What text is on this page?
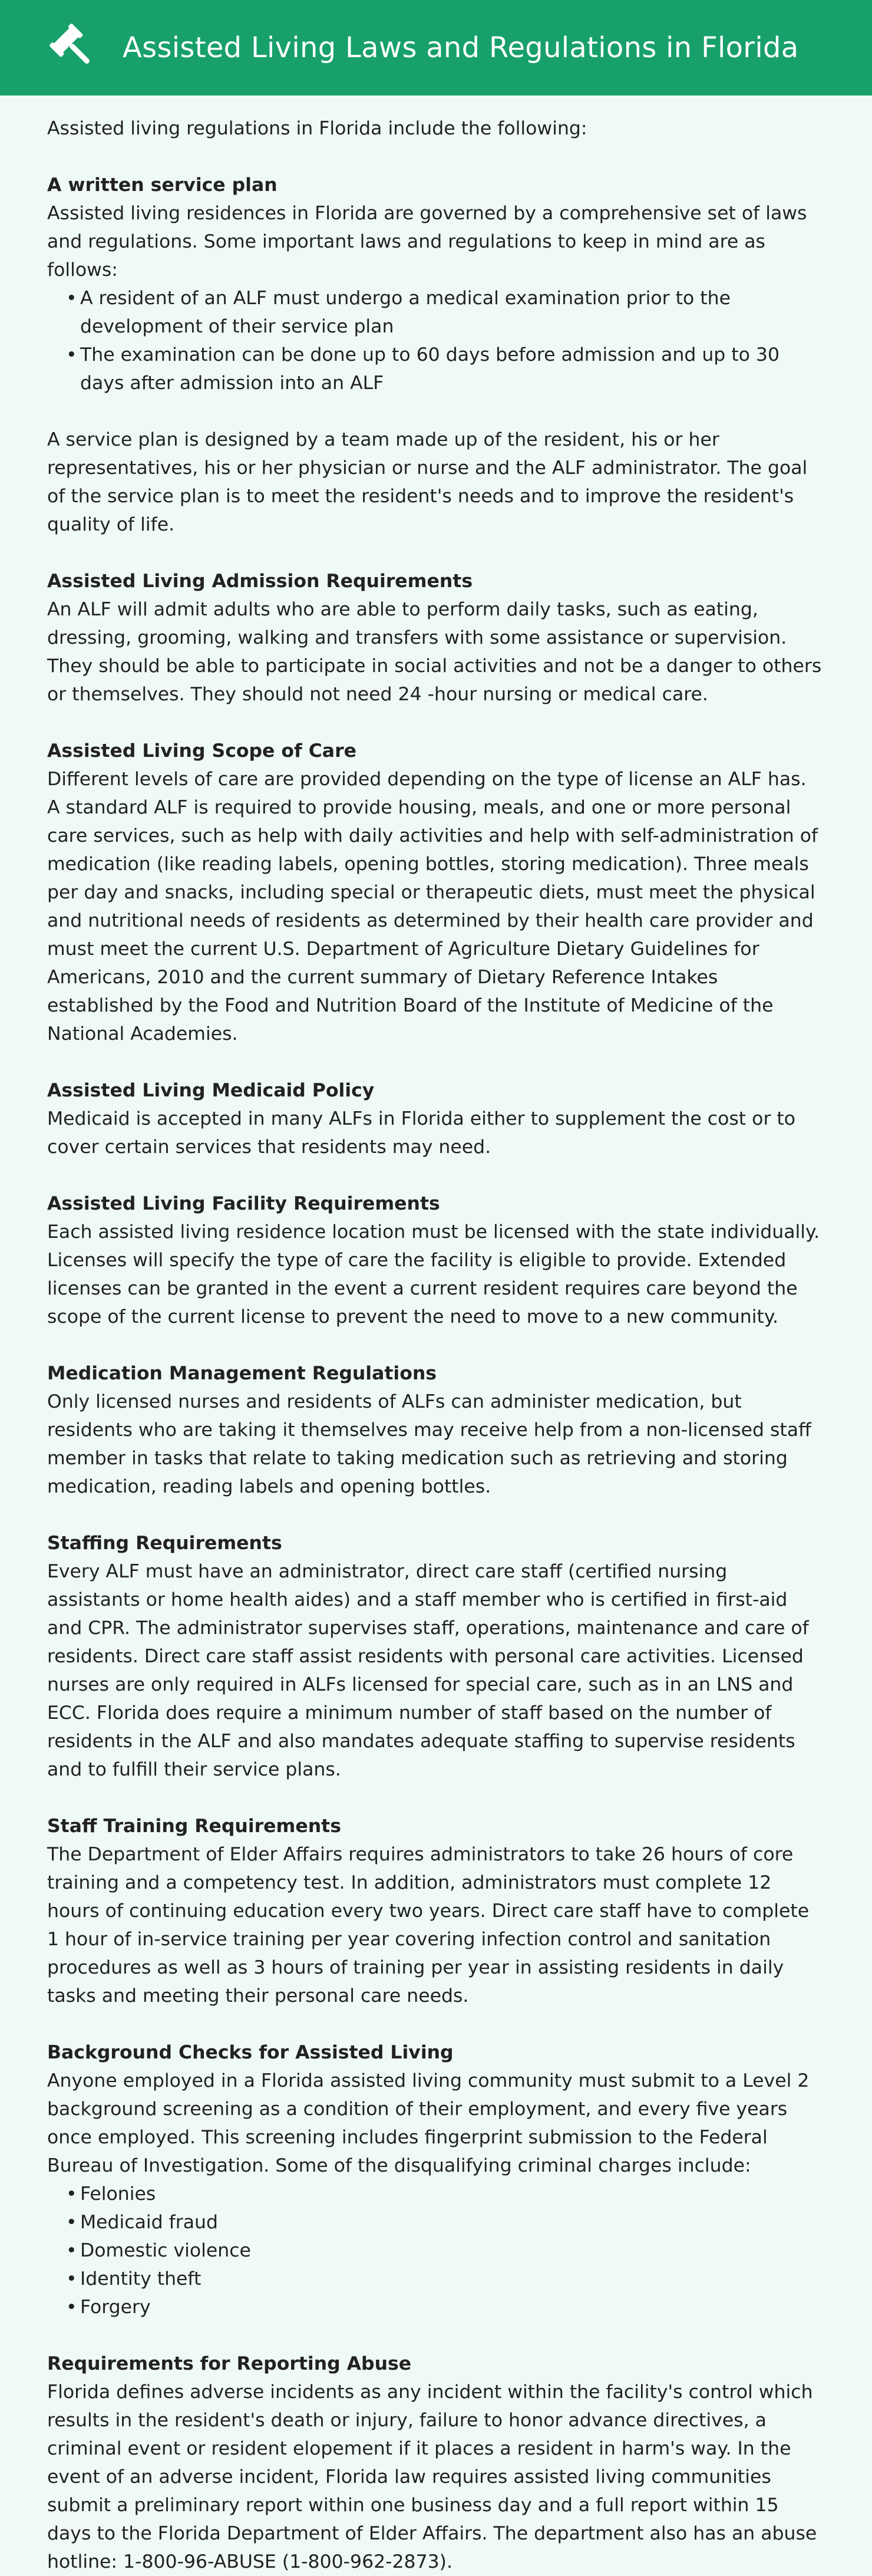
Assisted Living Laws and Regulations in Florida

Assisted living regulations in Florida include the following:

A written service plan

Assisted living residences in Florida are governed by a comprehensive set of laws and regulations. Some important laws and regulations to keep in mind are as follows:

• A resident of an ALF must undergo a medical examination prior to the development of their service plan
• The examination can be done up to 60 days before admission and up to 30 days after admission into an ALF

A service plan is designed by a team made up of the resident, his or her representatives, his or her physician or nurse and the ALF administrator. The goal of the service plan is to meet the resident's needs and to improve the resident's quality of life.

Assisted Living Admission Requirements

An ALF will admit adults who are able to perform daily tasks, such as eating, dressing, grooming, walking and transfers with some assistance or supervision. They should be able to participate in social activities and not be a danger to others or themselves. They should not need 24 -hour nursing or medical care.

Assisted Living Scope of Care

Different levels of care are provided depending on the type of license an ALF has. A standard ALF is required to provide housing, meals, and one or more personal care services, such as help with daily activities and help with self-administration of medication (like reading labels, opening bottles, storing medication). Three meals per day and snacks, including special or therapeutic diets, must meet the physical and nutritional needs of residents as determined by their health care provider and must meet the current U.S. Department of Agriculture Dietary Guidelines for Americans, 2010 and the current summary of Dietary Reference Intakes established by the Food and Nutrition Board of the Institute of Medicine of the National Academies.

Assisted Living Medicaid Policy

Medicaid is accepted in many ALFs in Florida either to supplement the cost or to cover certain services that residents may need.

Assisted Living Facility Requirements

Each assisted living residence location must be licensed with the state individually. Licenses will specify the type of care the facility is eligible to provide. Extended licenses can be granted in the event a current resident requires care beyond the scope of the current license to prevent the need to move to a new community.

Medication Management Regulations

Only licensed nurses and residents of ALFs can administer medication, but residents who are taking it themselves may receive help from a non-licensed staff member in tasks that relate to taking medication such as retrieving and storing medication, reading labels and opening bottles.

Staffing Requirements

Every ALF must have an administrator, direct care staff (certified nursing assistants or home health aides) and a staff member who is certified in first-aid and CPR. The administrator supervises staff, operations, maintenance and care of residents. Direct care staff assist residents with personal care activities. Licensed nurses are only required in ALFs licensed for special care, such as in an LNS and ECC. Florida does require a minimum number of staff based on the number of residents in the ALF and also mandates adequate staffing to supervise residents and to fulfill their service plans.

Staff Training Requirements

The Department of Elder Affairs requires administrators to take 26 hours of core training and a competency test. In addition, administrators must complete 12 hours of continuing education every two years. Direct care staff have to complete 1 hour of in-service training per year covering infection control and sanitation procedures as well as 3 hours of training per year in assisting residents in daily tasks and meeting their personal care needs.

Background Checks for Assisted Living

Anyone employed in a Florida assisted living community must submit to a Level 2 background screening as a condition of their employment, and every five years once employed. This screening includes fingerprint submission to the Federal Bureau of Investigation. Some of the disqualifying criminal charges include:

• Felonies
• Medicaid fraud
• Domestic violence
• Identity theft
• Forgery
Requirements for Reporting Abuse

Florida defines adverse incidents as any incident within the facility's control which results in the resident's death or injury, failure to honor advance directives, a criminal event or resident elopement if it places a resident in harm's way. In the event of an adverse incident, Florida law requires assisted living communities submit a preliminary report within one business day and a full report within 15 days to the Florida Department of Elder Affairs. The department also has an abuse hotline: 1-800-96-ABUSE (1-800-962-2873).
